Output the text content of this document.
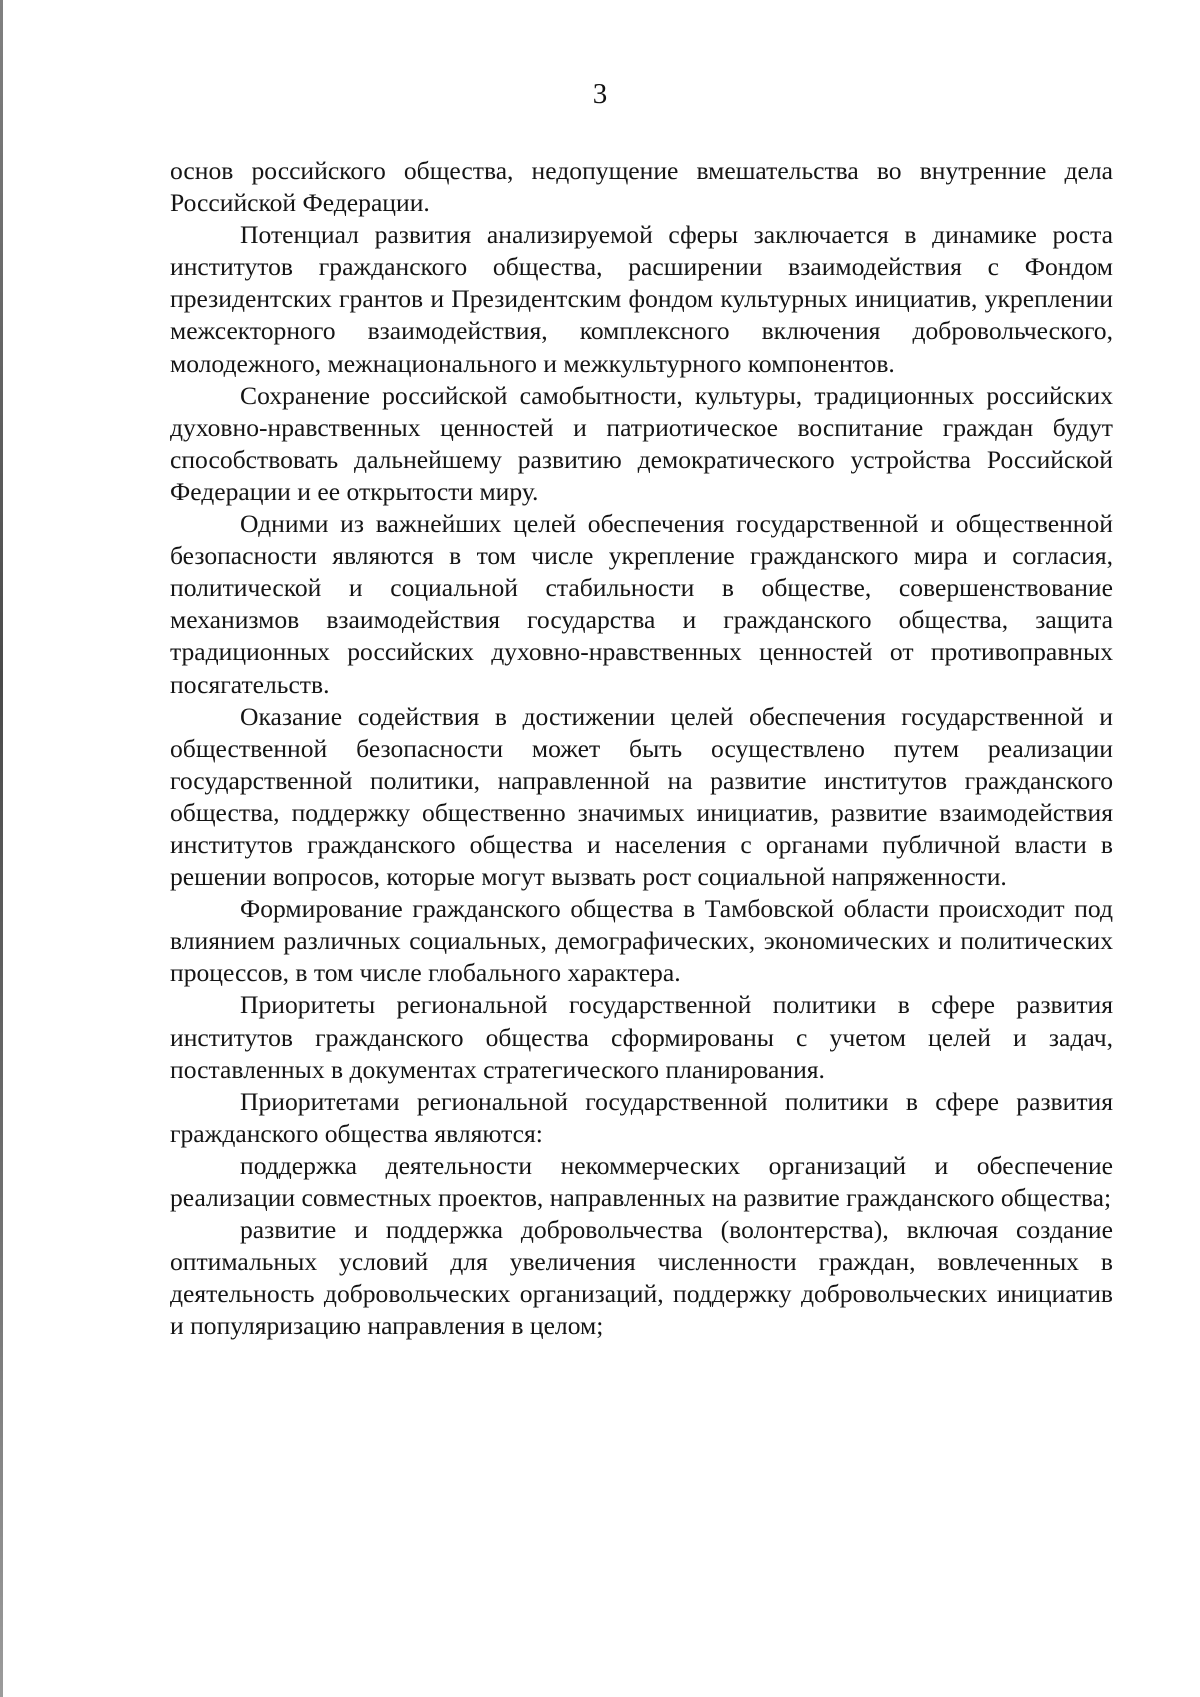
3

основ российского общества, недопущение вмешательства во внутренние дела Российской Федерации.

Потенциал развития анализируемой сферы заключается в динамике роста институтов гражданского общества, расширении взаимодействия с Фондом президентских грантов и Президентским фондом культурных инициатив, укреплении межсекторного взаимодействия, комплексного включения добровольческого, молодежного, межнационального и межкультурного компонентов.

Сохранение российской самобытности, культуры, традиционных российских духовно-нравственных ценностей и патриотическое воспитание граждан будут способствовать дальнейшему развитию демократического устройства Российской Федерации и ее открытости миру.

Одними из важнейших целей обеспечения государственной и общественной безопасности являются в том числе укрепление гражданского мира и согласия, политической и социальной стабильности в обществе, совершенствование механизмов взаимодействия государства и гражданского общества, защита традиционных российских духовно-нравственных ценностей от противоправных посягательств.

Оказание содействия в достижении целей обеспечения государственной и общественной безопасности может быть осуществлено путем реализации государственной политики, направленной на развитие институтов гражданского общества, поддержку общественно значимых инициатив, развитие взаимодействия институтов гражданского общества и населения с органами публичной власти в решении вопросов, которые могут вызвать рост социальной напряженности.

Формирование гражданского общества в Тамбовской области происходит под влиянием различных социальных, демографических, экономических и политических процессов, в том числе глобального характера.

Приоритеты региональной государственной политики в сфере развития институтов гражданского общества сформированы с учетом целей и задач, поставленных в документах стратегического планирования.

Приоритетами региональной государственной политики в сфере развития гражданского общества являются:

поддержка деятельности некоммерческих организаций и обеспечение реализации совместных проектов, направленных на развитие гражданского общества;

развитие и поддержка добровольчества (волонтерства), включая создание оптимальных условий для увеличения численности граждан, вовлеченных в деятельность добровольческих организаций, поддержку добровольческих инициатив и популяризацию направления в целом;
